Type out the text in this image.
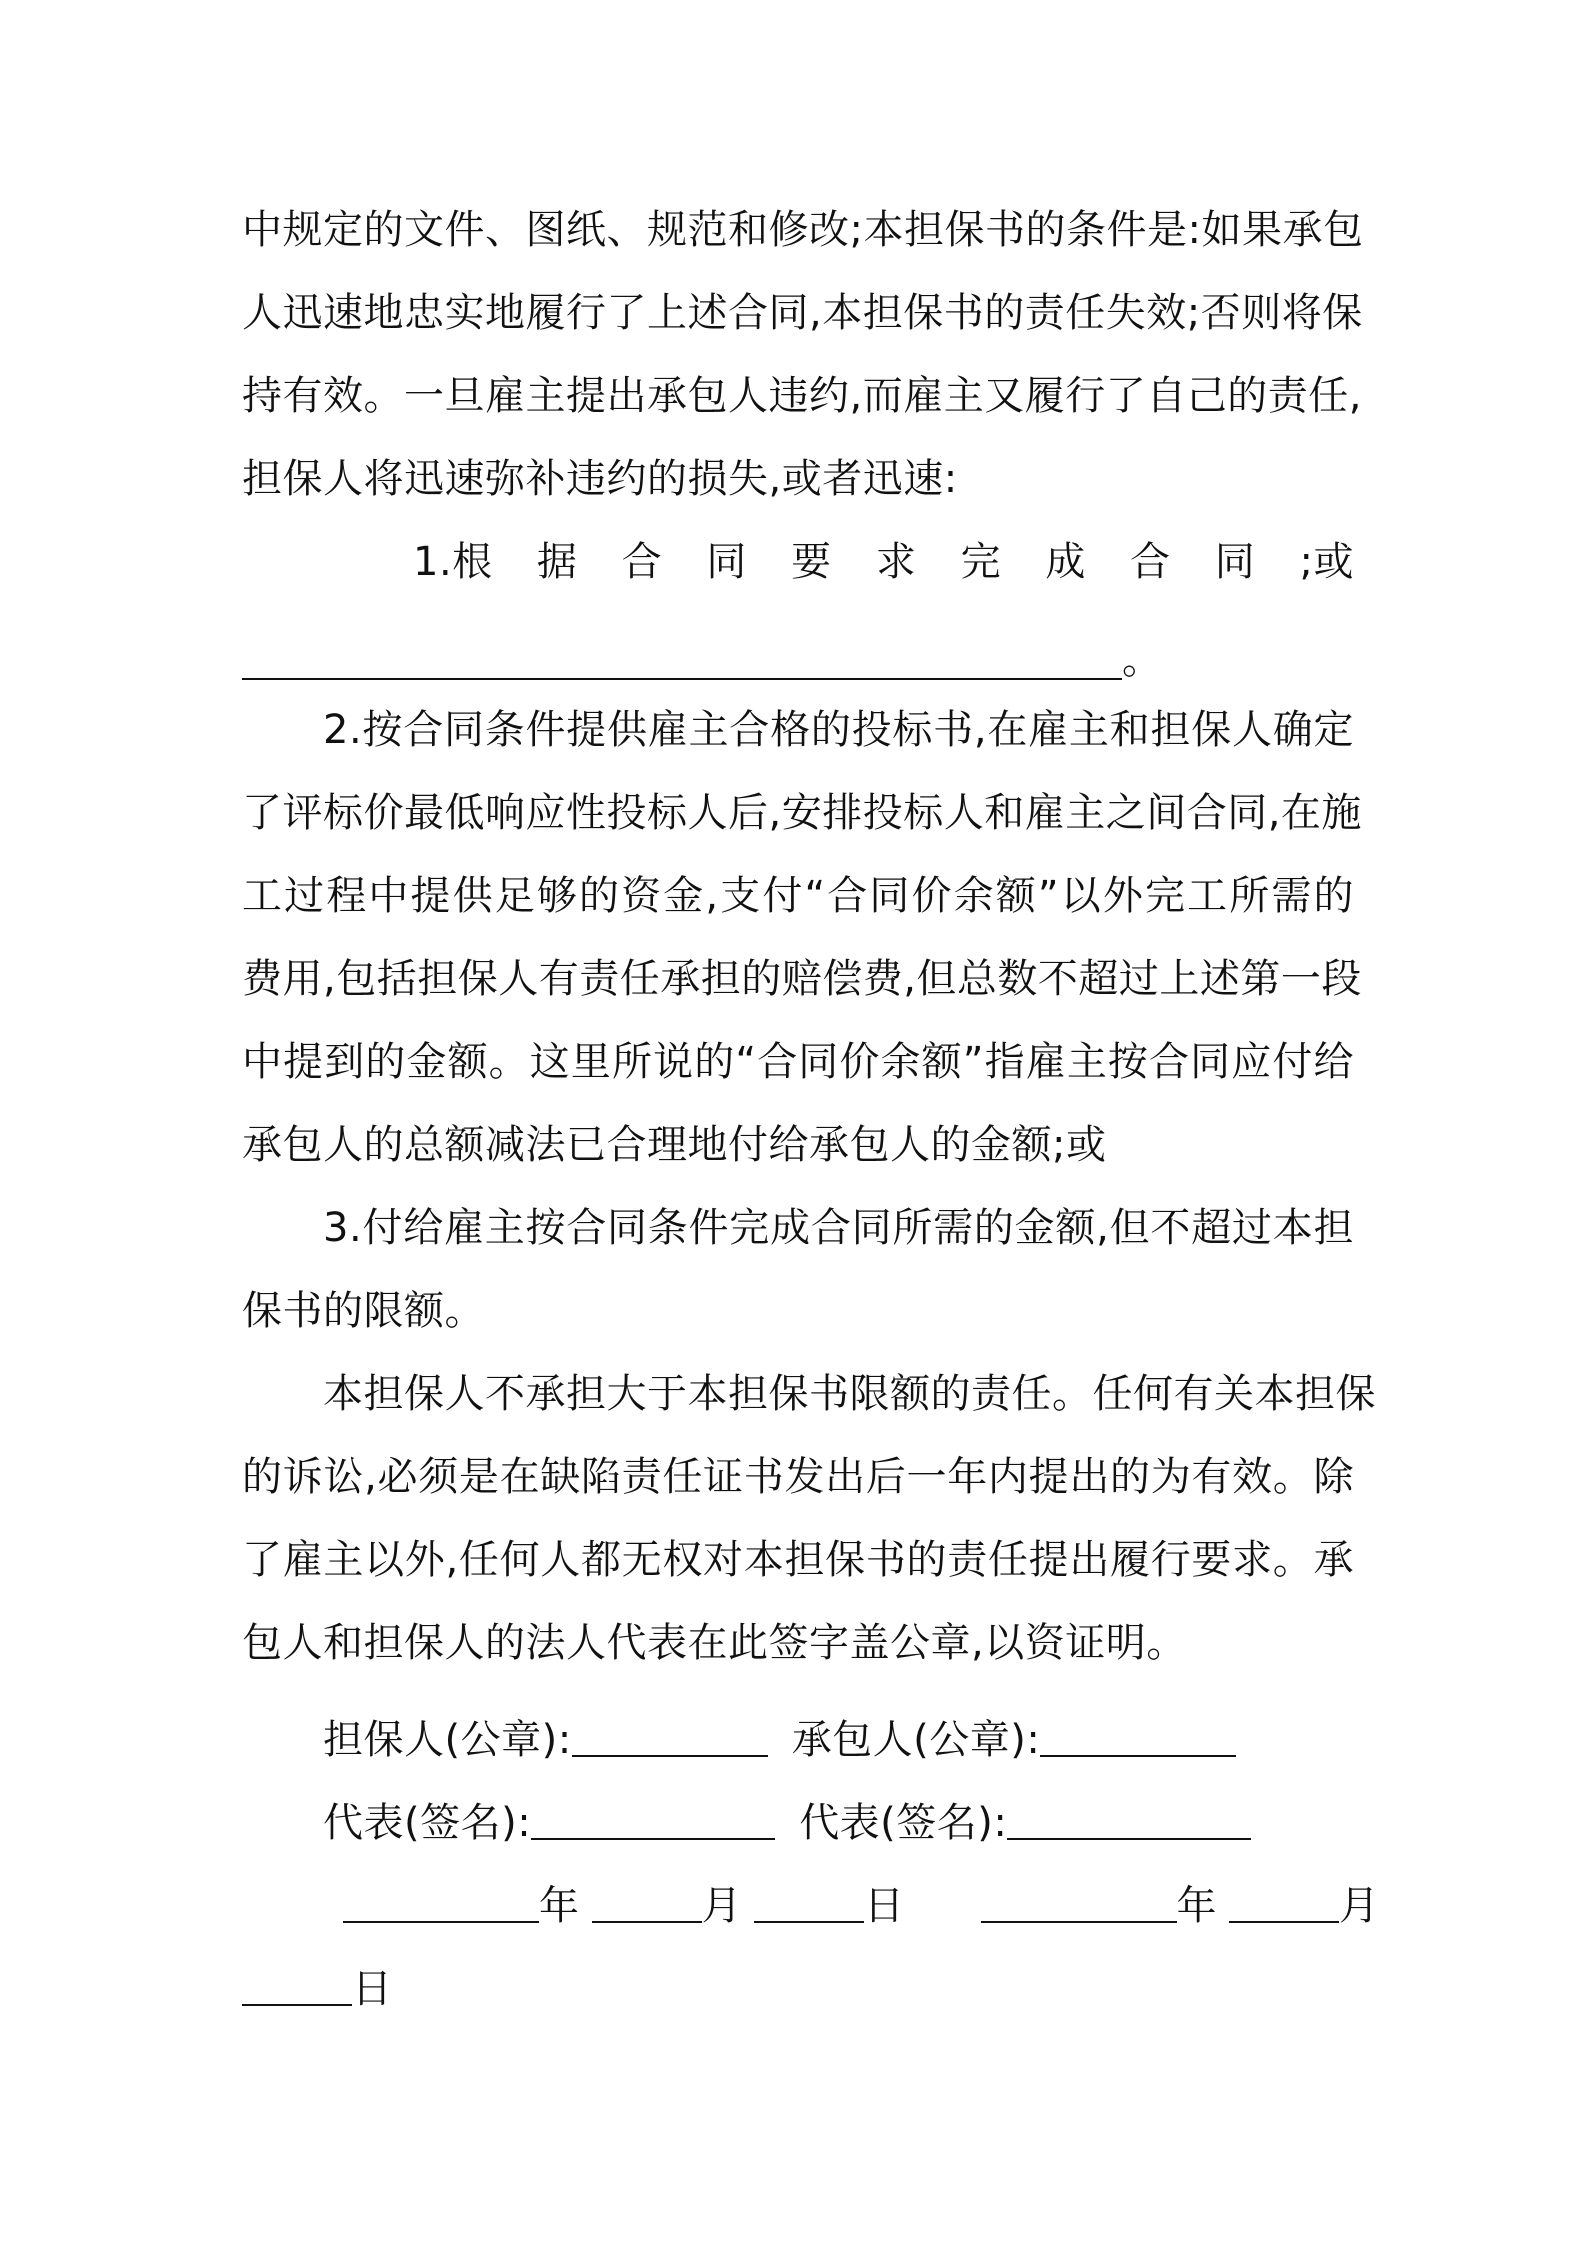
中规定的文件、图纸、规范和修改;本担保书的条件是:如果承包
人迅速地忠实地履行了上述合同,本担保书的责任失效;否则将保
持有效。一旦雇主提出承包人违约,而雇主又履行了自己的责任,
担保人将迅速弥补违约的损失,或者迅速:
1.根 据 合 同 要 求 完 成 合 同 ;或
。
2.按合同条件提供雇主合格的投标书,在雇主和担保人确定
了评标价最低响应性投标人后,安排投标人和雇主之间合同,在施
工过程中提供足够的资金,支付“合同价余额”以外完工所需的
费用,包括担保人有责任承担的赔偿费,但总数不超过上述第一段
中提到的金额。这里所说的“合同价余额”指雇主按合同应付给
承包人的总额减法已合理地付给承包人的金额;或
3.付给雇主按合同条件完成合同所需的金额,但不超过本担
保书的限额。
本担保人不承担大于本担保书限额的责任。任何有关本担保
的诉讼,必须是在缺陷责任证书发出后一年内提出的为有效。除
了雇主以外,任何人都无权对本担保书的责任提出履行要求。承
包人和担保人的法人代表在此签字盖公章,以资证明。
担保人(公章):	承包人(公章):
代表(签名):	代表(签名):
年	月	日	年	月
日
